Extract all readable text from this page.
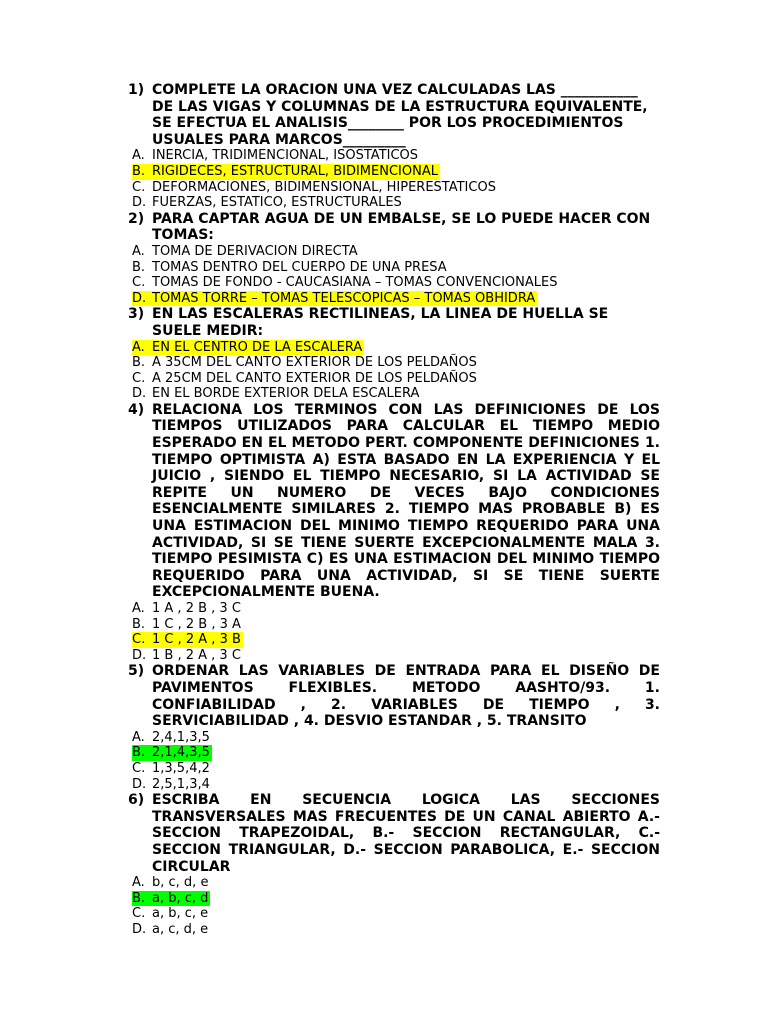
1) COMPLETE LA ORACION UNA VEZ CALCULADAS LAS ___________ DE LAS VIGAS Y COLUMNAS DE LA ESTRUCTURA EQUIVALENTE, SE EFECTUA EL ANALISIS________ POR LOS PROCEDIMIENTOS USUALES PARA MARCOS_________
A. INERCIA, TRIDIMENCIONAL, ISOSTATICOS
B. RIGIDECES, ESTRUCTURAL, BIDIMENCIONAL
C. DEFORMACIONES, BIDIMENSIONAL, HIPERESTATICOS
D. FUERZAS, ESTATICO, ESTRUCTURALES
2) PARA CAPTAR AGUA DE UN EMBALSE, SE LO PUEDE HACER CON TOMAS:
A. TOMA DE DERIVACION DIRECTA
B. TOMAS DENTRO DEL CUERPO DE UNA PRESA
C. TOMAS DE FONDO - CAUCASIANA – TOMAS CONVENCIONALES
D. TOMAS TORRE – TOMAS TELESCOPICAS – TOMAS OBHIDRA
3) EN LAS ESCALERAS RECTILINEAS, LA LINEA DE HUELLA SE SUELE MEDIR:
A. EN EL CENTRO DE LA ESCALERA
B. A 35CM DEL CANTO EXTERIOR DE LOS PELDAÑOS
C. A 25CM DEL CANTO EXTERIOR DE LOS PELDAÑOS
D. EN EL BORDE EXTERIOR DELA ESCALERA
4) RELACIONA LOS TERMINOS CON LAS DEFINICIONES DE LOS TIEMPOS UTILIZADOS PARA CALCULAR EL TIEMPO MEDIO ESPERADO EN EL METODO PERT. COMPONENTE DEFINICIONES 1. TIEMPO OPTIMISTA A) ESTA BASADO EN LA EXPERIENCIA Y EL JUICIO , SIENDO EL TIEMPO NECESARIO, SI LA ACTIVIDAD SE REPITE UN NUMERO DE VECES BAJO CONDICIONES ESENCIALMENTE SIMILARES 2. TIEMPO MAS PROBABLE B) ES UNA ESTIMACION DEL MINIMO TIEMPO REQUERIDO PARA UNA ACTIVIDAD, SI SE TIENE SUERTE EXCEPCIONALMENTE MALA 3. TIEMPO PESIMISTA C) ES UNA ESTIMACION DEL MINIMO TIEMPO REQUERIDO PARA UNA ACTIVIDAD, SI SE TIENE SUERTE EXCEPCIONALMENTE BUENA.
A. 1 A , 2 B , 3 C
B. 1 C , 2 B , 3 A
C. 1 C , 2 A , 3 B
D. 1 B , 2 A , 3 C
5) ORDENAR LAS VARIABLES DE ENTRADA PARA EL DISEÑO DE PAVIMENTOS FLEXIBLES. METODO AASHTO/93. 1. CONFIABILIDAD , 2. VARIABLES DE TIEMPO , 3. SERVICIABILIDAD , 4. DESVIO ESTANDAR , 5. TRANSITO
A. 2,4,1,3,5
B. 2,1,4,3,5
C. 1,3,5,4,2
D. 2,5,1,3,4
6) ESCRIBA EN SECUENCIA LOGICA LAS SECCIONES TRANSVERSALES MAS FRECUENTES DE UN CANAL ABIERTO A.- SECCION TRAPEZOIDAL, B.- SECCION RECTANGULAR, C.- SECCION TRIANGULAR, D.- SECCION PARABOLICA, E.- SECCION CIRCULAR
A. b, c, d, e
B. a, b, c, d
C. a, b, c, e
D. a, c, d, e
